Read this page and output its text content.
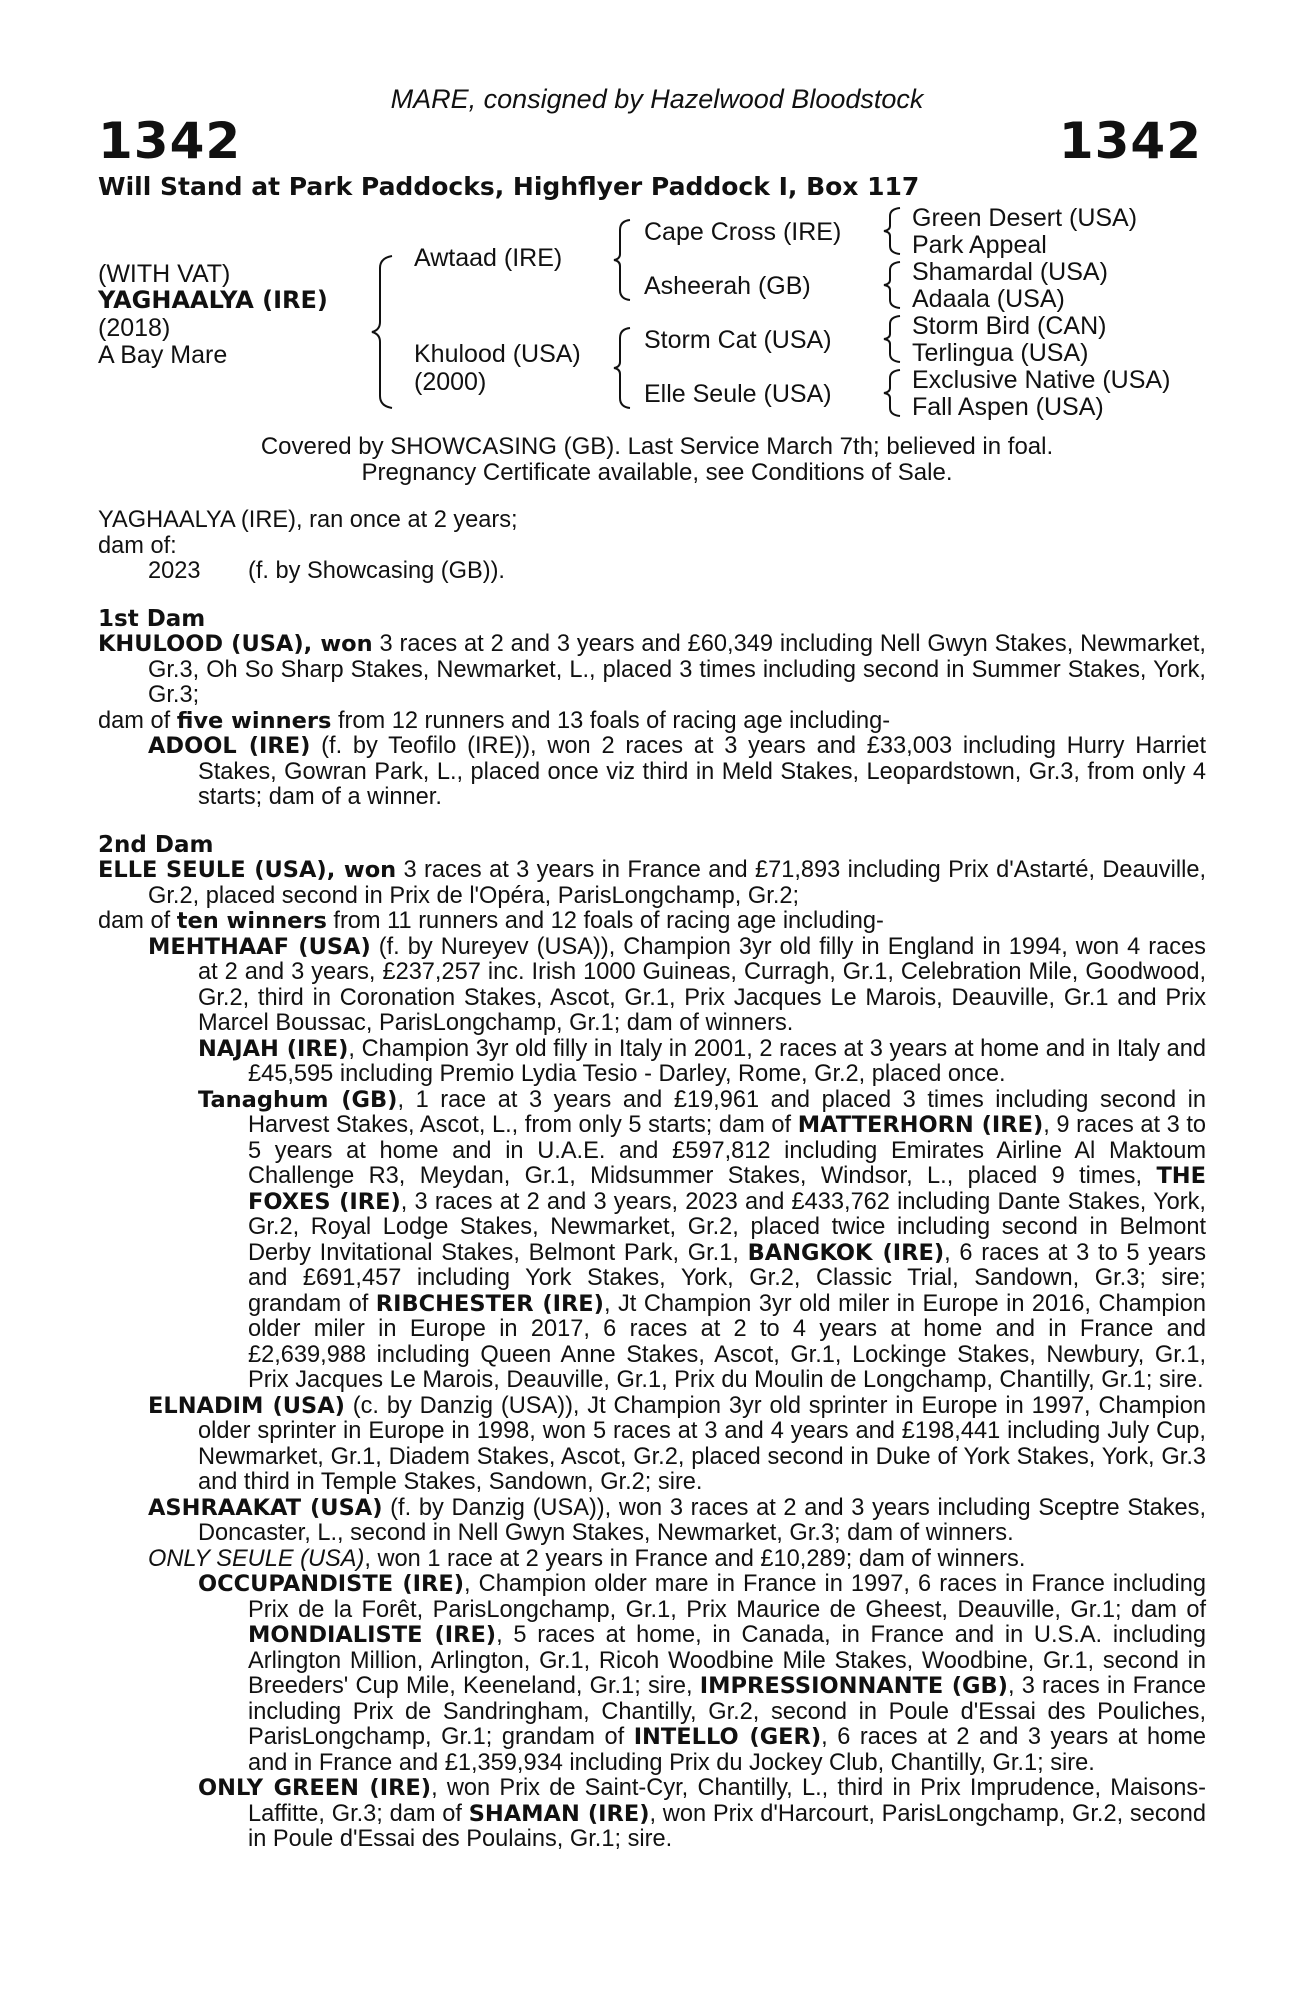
MARE, consigned by Hazelwood Bloodstock
1342	1342
Will Stand at Park Paddocks, Highflyer Paddock I, Box 117
(WITH VAT)
YAGHAALYA (IRE)
(2018)
A Bay Mare
Awtaad (IRE)
Khulood (USA)
(2000)
Cape Cross (IRE)
Asheerah (GB)
Storm Cat (USA)
Elle Seule (USA)
Green Desert (USA)
Park Appeal
Shamardal (USA)
Adaala (USA)
Storm Bird (CAN)
Terlingua (USA)
Exclusive Native (USA)
Fall Aspen (USA)
Covered by SHOWCASING (GB). Last Service March 7th; believed in foal.
Pregnancy Certificate available, see Conditions of Sale.

YAGHAALYA (IRE), ran once at 2 years;

dam of:

2023	(f. by Showcasing (GB)).

1st Dam

KHULOOD (USA), won 3 races at 2 and 3 years and £60,349 including Nell Gwyn Stakes, Newmarket, Gr.3, Oh So Sharp Stakes, Newmarket, L., placed 3 times including second in Summer Stakes, York, Gr.3;

dam of five winners from 12 runners and 13 foals of racing age including-

ADOOL (IRE) (f. by Teofilo (IRE)), won 2 races at 3 years and £33,003 including Hurry Harriet Stakes, Gowran Park, L., placed once viz third in Meld Stakes, Leopardstown, Gr.3, from only 4 starts; dam of a winner.

2nd Dam

ELLE SEULE (USA), won 3 races at 3 years in France and £71,893 including Prix d'Astarté, Deauville, Gr.2, placed second in Prix de l'Opéra, ParisLongchamp, Gr.2;

dam of ten winners from 11 runners and 12 foals of racing age including-

MEHTHAAF (USA) (f. by Nureyev (USA)), Champion 3yr old filly in England in 1994, won 4 races at 2 and 3 years, £237,257 inc. Irish 1000 Guineas, Curragh, Gr.1, Celebration Mile, Goodwood, Gr.2, third in Coronation Stakes, Ascot, Gr.1, Prix Jacques Le Marois, Deauville, Gr.1 and Prix Marcel Boussac, ParisLongchamp, Gr.1; dam of winners.

NAJAH (IRE), Champion 3yr old filly in Italy in 2001, 2 races at 3 years at home and in Italy and £45,595 including Premio Lydia Tesio - Darley, Rome, Gr.2, placed once.

Tanaghum (GB), 1 race at 3 years and £19,961 and placed 3 times including second in Harvest Stakes, Ascot, L., from only 5 starts; dam of MATTERHORN (IRE), 9 races at 3 to 5 years at home and in U.A.E. and £597,812 including Emirates Airline Al Maktoum Challenge R3, Meydan, Gr.1, Midsummer Stakes, Windsor, L., placed 9 times, THE FOXES (IRE), 3 races at 2 and 3 years, 2023 and £433,762 including Dante Stakes, York, Gr.2, Royal Lodge Stakes, Newmarket, Gr.2, placed twice including second in Belmont Derby Invitational Stakes, Belmont Park, Gr.1, BANGKOK (IRE), 6 races at 3 to 5 years and £691,457 including York Stakes, York, Gr.2, Classic Trial, Sandown, Gr.3; sire; grandam of RIBCHESTER (IRE), Jt Champion 3yr old miler in Europe in 2016, Champion older miler in Europe in 2017, 6 races at 2 to 4 years at home and in France and £2,639,988 including Queen Anne Stakes, Ascot, Gr.1, Lockinge Stakes, Newbury, Gr.1, Prix Jacques Le Marois, Deauville, Gr.1, Prix du Moulin de Longchamp, Chantilly, Gr.1; sire.

ELNADIM (USA) (c. by Danzig (USA)), Jt Champion 3yr old sprinter in Europe in 1997, Champion older sprinter in Europe in 1998, won 5 races at 3 and 4 years and £198,441 including July Cup, Newmarket, Gr.1, Diadem Stakes, Ascot, Gr.2, placed second in Duke of York Stakes, York, Gr.3 and third in Temple Stakes, Sandown, Gr.2; sire.

ASHRAAKAT (USA) (f. by Danzig (USA)), won 3 races at 2 and 3 years including Sceptre Stakes, Doncaster, L., second in Nell Gwyn Stakes, Newmarket, Gr.3; dam of winners.

ONLY SEULE (USA), won 1 race at 2 years in France and £10,289; dam of winners.

OCCUPANDISTE (IRE), Champion older mare in France in 1997, 6 races in France including Prix de la Forêt, ParisLongchamp, Gr.1, Prix Maurice de Gheest, Deauville, Gr.1; dam of MONDIALISTE (IRE), 5 races at home, in Canada, in France and in U.S.A. including Arlington Million, Arlington, Gr.1, Ricoh Woodbine Mile Stakes, Woodbine, Gr.1, second in Breeders' Cup Mile, Keeneland, Gr.1; sire, IMPRESSIONNANTE (GB), 3 races in France including Prix de Sandringham, Chantilly, Gr.2, second in Poule d'Essai des Pouliches, ParisLongchamp, Gr.1; grandam of INTELLO (GER), 6 races at 2 and 3 years at home and in France and £1,359,934 including Prix du Jockey Club, Chantilly, Gr.1; sire.

ONLY GREEN (IRE), won Prix de Saint-Cyr, Chantilly, L., third in Prix Imprudence, Maisons-Laffitte, Gr.3; dam of SHAMAN (IRE), won Prix d'Harcourt, ParisLongchamp, Gr.2, second in Poule d'Essai des Poulains, Gr.1; sire.
